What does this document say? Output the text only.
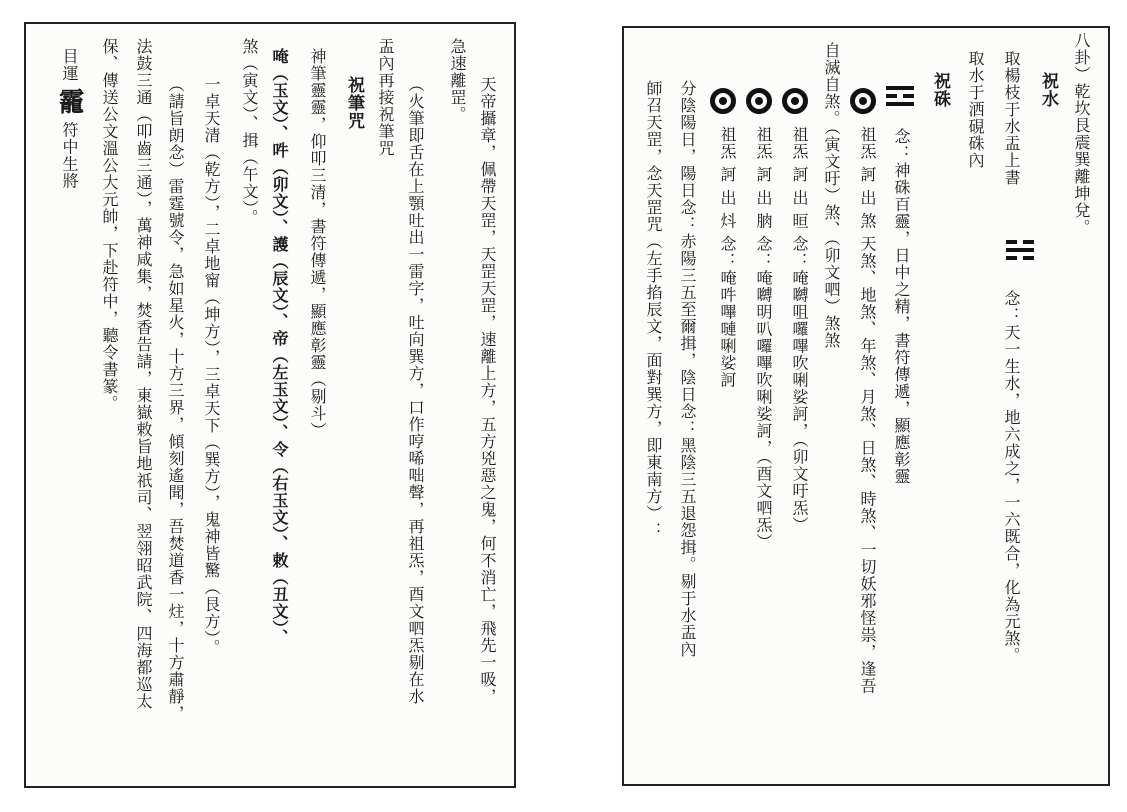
天帝攝章，佩帶天罡，天罡天罡，速離上方，五方兇惡之鬼，何不消亡，飛先一吸，
急速離罡。
（火筆即舌在上顎吐出一雷字，吐向巽方，口作哼唏咄聲，再祖炁，酉文呬炁剔在水
盂內再接祝筆咒
祝筆咒
神筆靈靈，仰叩三清，書符傳遞，顯應彰靈（剔斗）
唵（玉文）、吽（卯文）、護（辰文）、帝（左玉文）、令（右玉文）、敕（丑文）、
煞（寅文）、揖（午文）。
一卓天清（乾方），二卓地甯（坤方），三卓天下（巽方），鬼神皆驚（艮方）。
（請旨朗念）雷霆號令，急如星火，十方三界，傾刻遙聞，吾焚道香一炷，十方肅靜，
法鼓三通（叩齒三通），萬神咸集，焚香告請，東嶽敕旨地祇司、翌翎昭武院、四海都巡太
保、傳送公文溫公大元帥，下赴符中，聽令書篆。
目運 靇 符中生將	八卦）乾坎艮震巽離坤兌。
祝水
取楊枝于水盂上書
念：天一生水，地六成之，一六既合，化為元煞。
取水于洒硯硃內
祝硃
念：神硃百靈，日中之精，書符傳遞，顯應彰靈
祖炁 訶 出 煞 天煞、地煞、年煞、月煞、日煞、時煞、一切妖邪怪祟，逢吾
自滅自煞。（寅文吁）煞、（卯文呬）煞煞
祖炁 訶 出 晅 念：唵嚩咀囉嗶吹唎娑訶，（卯文吁炁）
祖炁 訶 出 朒 念：唵嚩明叭囉嗶吹唎娑訶，（酉文呬炁）
祖炁 訶 出 炓 念：唵吽嗶嗹唎娑訶
分陰陽日，陽日念：赤陽三五至爾揖，陰日念：黑陰三五退怨揖。剔于水盂內
師召天罡，念天罡咒（左手掐辰文，面對巽方，即東南方）：
